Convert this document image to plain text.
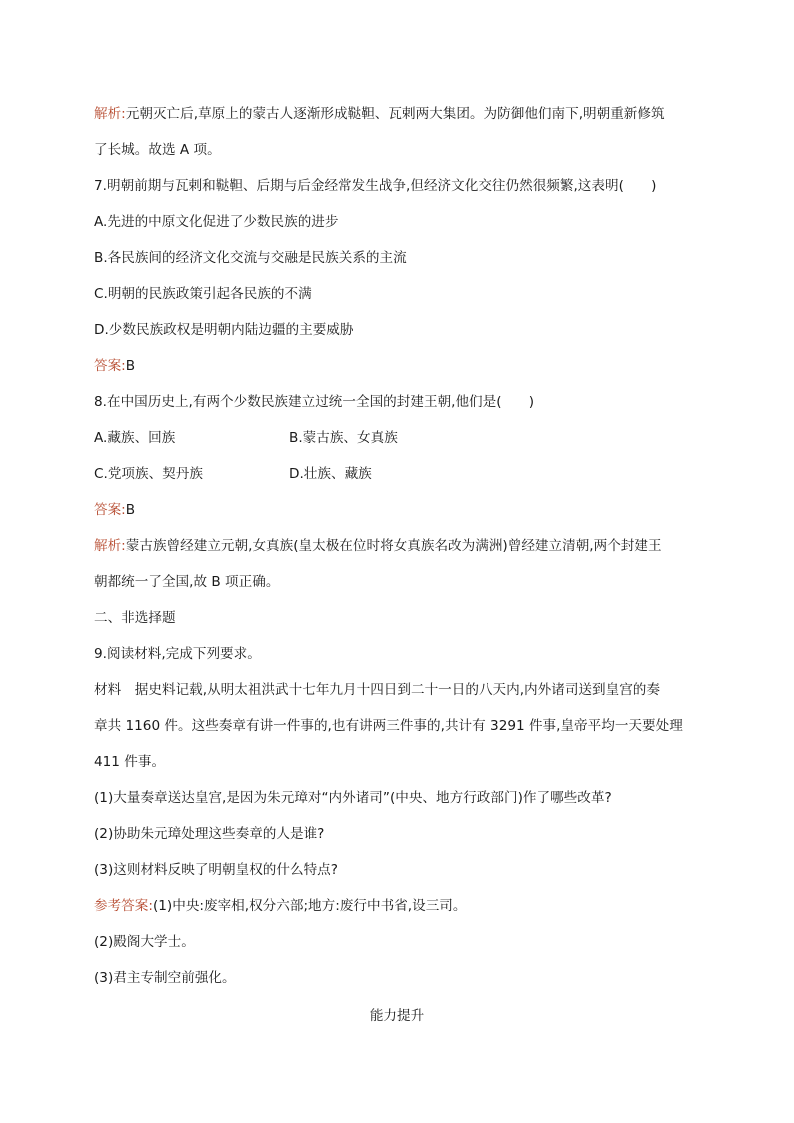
解析:元朝灭亡后,草原上的蒙古人逐渐形成鞑靼、瓦剌两大集团。为防御他们南下,明朝重新修筑
了长城。故选 A 项。
7.明朝前期与瓦剌和鞑靼、后期与后金经常发生战争,但经济文化交往仍然很频繁,这表明(　　)
A.先进的中原文化促进了少数民族的进步
B.各民族间的经济文化交流与交融是民族关系的主流
C.明朝的民族政策引起各民族的不满
D.少数民族政权是明朝内陆边疆的主要威胁
答案:B
8.在中国历史上,有两个少数民族建立过统一全国的封建王朝,他们是(　　)
A.藏族、回族	B.蒙古族、女真族
C.党项族、契丹族	D.壮族、藏族
答案:B
解析:蒙古族曾经建立元朝,女真族(皇太极在位时将女真族名改为满洲)曾经建立清朝,两个封建王
朝都统一了全国,故 B 项正确。
二、非选择题
9.阅读材料,完成下列要求。
材料　据史料记载,从明太祖洪武十七年九月十四日到二十一日的八天内,内外诸司送到皇宫的奏
章共 1160 件。这些奏章有讲一件事的,也有讲两三件事的,共计有 3291 件事,皇帝平均一天要处理
411 件事。
(1)大量奏章送达皇宫,是因为朱元璋对“内外诸司”(中央、地方行政部门)作了哪些改革?
(2)协助朱元璋处理这些奏章的人是谁?
(3)这则材料反映了明朝皇权的什么特点?
参考答案:(1)中央:废宰相,权分六部;地方:废行中书省,设三司。
(2)殿阁大学士。
(3)君主专制空前强化。
能力提升
